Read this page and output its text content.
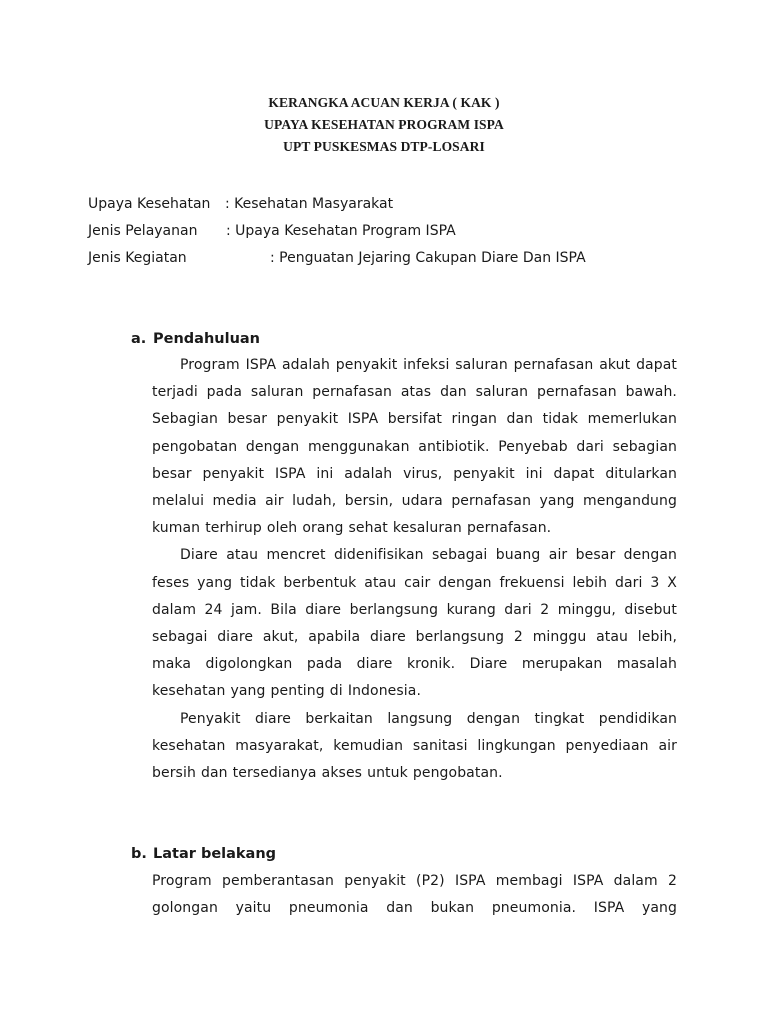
KERANGKA ACUAN KERJA ( KAK )
UPAYA KESEHATAN PROGRAM ISPA
UPT PUSKESMAS DTP-LOSARI
Upaya Kesehatan : Kesehatan Masyarakat
Jenis Pelayanan : Upaya Kesehatan Program ISPA
Jenis Kegiatan	: Penguatan Jejaring Cakupan Diare Dan ISPA
a. Pendahuluan

Program ISPA adalah penyakit infeksi saluran pernafasan akut dapat terjadi pada saluran pernafasan atas dan saluran pernafasan bawah. Sebagian besar penyakit ISPA bersifat ringan dan tidak memerlukan pengobatan dengan menggunakan antibiotik. Penyebab dari sebagian besar penyakit ISPA ini adalah virus, penyakit ini dapat ditularkan melalui media air ludah, bersin, udara pernafasan yang mengandung kuman terhirup oleh orang sehat kesaluran pernafasan.

Diare atau mencret didenifisikan sebagai buang air besar dengan feses yang tidak berbentuk atau cair dengan frekuensi lebih dari 3 X dalam 24 jam. Bila diare berlangsung kurang dari 2 minggu, disebut sebagai diare akut, apabila diare berlangsung 2 minggu atau lebih, maka digolongkan pada diare kronik. Diare merupakan masalah kesehatan yang penting di Indonesia.

Penyakit diare berkaitan langsung dengan tingkat pendidikan kesehatan masyarakat, kemudian sanitasi lingkungan penyediaan air bersih dan tersedianya akses untuk pengobatan.

b. Latar belakang

Program pemberantasan penyakit (P2) ISPA membagi ISPA dalam 2 golongan yaitu pneumonia dan bukan pneumonia. ISPA yang
